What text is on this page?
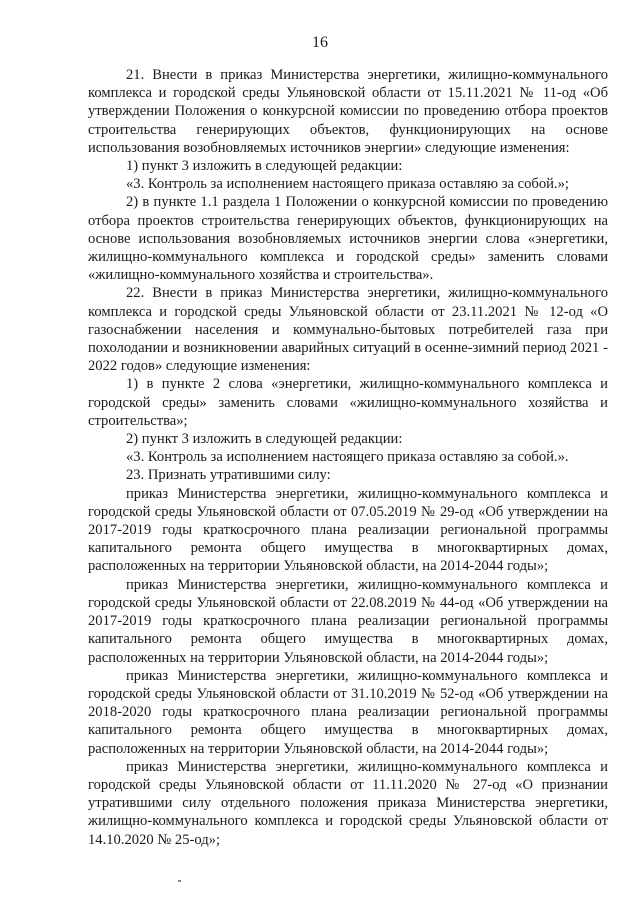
16

21. Внести в приказ Министерства энергетики, жилищно-коммунального комплекса и городской среды Ульяновской области от 15.11.2021 № 11-од «Об утверждении Положения о конкурсной комиссии по проведению отбора проектов строительства генерирующих объектов, функционирующих на основе использования возобновляемых источников энергии» следующие изменения:

1) пункт 3 изложить в следующей редакции:

«3. Контроль за исполнением настоящего приказа оставляю за собой.»;

2) в пункте 1.1 раздела 1 Положении о конкурсной комиссии по проведению отбора проектов строительства генерирующих объектов, функционирующих на основе использования возобновляемых источников энергии слова «энергетики, жилищно-коммунального комплекса и городской среды» заменить словами «жилищно-коммунального хозяйства и строительства».

22. Внести в приказ Министерства энергетики, жилищно-коммунального комплекса и городской среды Ульяновской области от 23.11.2021 № 12-од «О газоснабжении населения и коммунально-бытовых потребителей газа при похолодании и возникновении аварийных ситуаций в осенне-зимний период 2021 - 2022 годов» следующие изменения:

1) в пункте 2 слова «энергетики, жилищно-коммунального комплекса и городской среды» заменить словами «жилищно-коммунального хозяйства и строительства»;

2) пункт 3 изложить в следующей редакции:

«3. Контроль за исполнением настоящего приказа оставляю за собой.».

23. Признать утратившими силу:

приказ Министерства энергетики, жилищно-коммунального комплекса и городской среды Ульяновской области от 07.05.2019 № 29-од «Об утверждении на 2017-2019 годы краткосрочного плана реализации региональной программы капитального ремонта общего имущества в многоквартирных домах, расположенных на территории Ульяновской области, на 2014-2044 годы»;

приказ Министерства энергетики, жилищно-коммунального комплекса и городской среды Ульяновской области от 22.08.2019 № 44-од «Об утверждении на 2017-2019 годы краткосрочного плана реализации региональной программы капитального ремонта общего имущества в многоквартирных домах, расположенных на территории Ульяновской области, на 2014-2044 годы»;

приказ Министерства энергетики, жилищно-коммунального комплекса и городской среды Ульяновской области от 31.10.2019 № 52-од «Об утверждении на 2018-2020 годы краткосрочного плана реализации региональной программы капитального ремонта общего имущества в многоквартирных домах, расположенных на территории Ульяновской области, на 2014-2044 годы»;

приказ Министерства энергетики, жилищно-коммунального комплекса и городской среды Ульяновской области от 11.11.2020 № 27-од «О признании утратившими силу отдельного положения приказа Министерства энергетики, жилищно-коммунального комплекса и городской среды Ульяновской области от 14.10.2020 № 25-од»;
